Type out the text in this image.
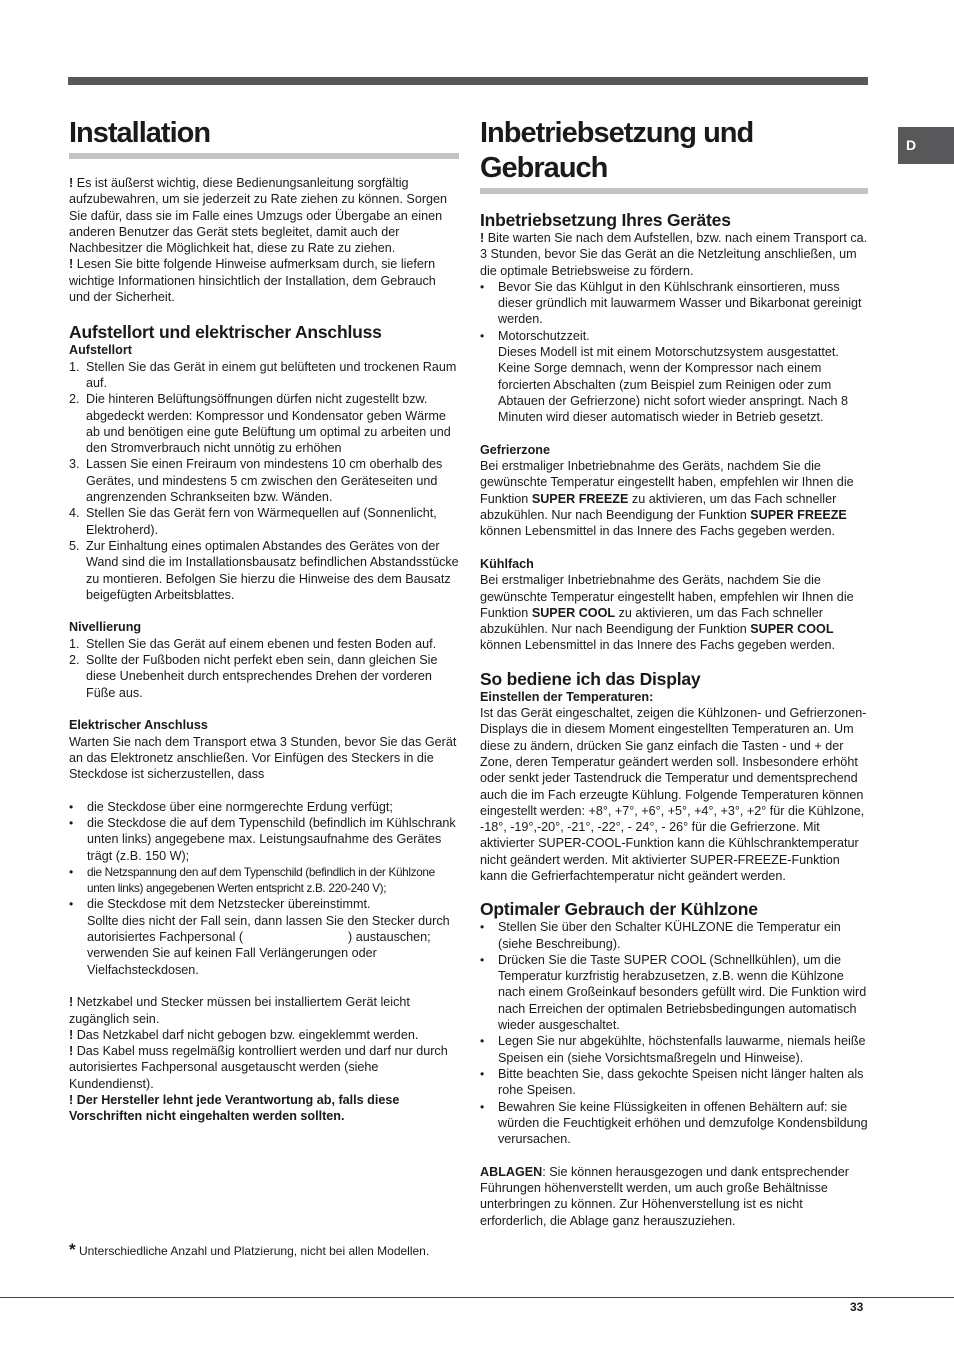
D
Installation

! Es ist äußerst wichtig, diese Bedienungsanleitung sorgfältig aufzubewahren, um sie jederzeit zu Rate ziehen zu können. Sorgen Sie dafür, dass sie im Falle eines Umzugs oder Übergabe an einen anderen Benutzer das Gerät stets begleitet, damit auch der Nachbesitzer die Möglichkeit hat, diese zu Rate zu ziehen.

! Lesen Sie bitte folgende Hinweise aufmerksam durch, sie liefern wichtige Informationen hinsichtlich der Installation, dem Gebrauch und der Sicherheit.

Aufstellort und elektrischer Anschluss
Aufstellort
1. Stellen Sie das Gerät in einem gut belüfteten und trockenen Raum auf.
2. Die hinteren Belüftungsöffnungen dürfen nicht zugestellt bzw. abgedeckt werden: Kompressor und Kondensator geben Wärme ab und benötigen eine gute Belüftung um optimal zu arbeiten und den Stromverbrauch nicht unnötig zu erhöhen
3. Lassen Sie einen Freiraum von mindestens 10 cm oberhalb des Gerätes, und mindestens 5 cm zwischen den Geräteseiten und angrenzenden Schrankseiten bzw. Wänden.
4. Stellen Sie das Gerät fern von Wärmequellen auf (Sonnenlicht, Elektroherd).
5. Zur Einhaltung eines optimalen Abstandes des Gerätes von der Wand sind die im Installationsbausatz befindlichen Abstandsstücke zu montieren. Befolgen Sie hierzu die Hinweise des dem Bausatz beigefügten Arbeitsblattes.
Nivellierung
1. Stellen Sie das Gerät auf einem ebenen und festen Boden auf.
2. Sollte der Fußboden nicht perfekt eben sein, dann gleichen Sie diese Unebenheit durch entsprechendes Drehen der vorderen Füße aus.
Elektrischer Anschluss

Warten Sie nach dem Transport etwa 3 Stunden, bevor Sie das Gerät an das Elektronetz anschließen. Vor Einfügen des Steckers in die Steckdose ist sicherzustellen, dass

•	die Steckdose über eine normgerechte Erdung verfügt;
•	die Steckdose die auf dem Typenschild (befindlich im Kühlschrank unten links) angegebene max. Leistungsaufnahme des Gerätes trägt (z.B. 150 W);
•	die Netzspannung den auf dem Typenschild (befindlich in der Kühlzone unten links) angegebenen Werten entspricht z.B. 220-240 V);
•	die Steckdose mit dem Netzstecker übereinstimmt.

Sollte dies nicht der Fall sein, dann lassen Sie den Stecker durch autorisiertes Fachpersonal (                              ) austauschen; verwenden Sie auf keinen Fall Verlängerungen oder Vielfachsteckdosen.

! Netzkabel und Stecker müssen bei installiertem Gerät leicht zugänglich sein.

! Das Netzkabel darf nicht gebogen bzw. eingeklemmt werden.

! Das Kabel muss regelmäßig kontrolliert werden und darf nur durch autorisiertes Fachpersonal ausgetauscht werden (siehe Kundendienst).

! Der Hersteller lehnt jede Verantwortung ab, falls diese Vorschriften nicht eingehalten werden sollten.

* Unterschiedliche Anzahl und Platzierung, nicht bei allen Modellen.
Inbetriebsetzung und
Gebrauch
Inbetriebsetzung Ihres Gerätes

! Bite warten Sie nach dem Aufstellen, bzw. nach einem Transport ca. 3 Stunden, bevor Sie das Gerät an die Netzleitung anschließen, um die optimale Betriebsweise zu fördern.

•	Bevor Sie das Kühlgut in den Kühlschrank einsortieren, muss dieser gründlich mit lauwarmem Wasser und Bikarbonat gereinigt werden.
•	Motorschutzzeit.

Dieses Modell ist mit einem Motorschutzsystem ausgestattet. Keine Sorge demnach, wenn der Kompressor nach einem forcierten Abschalten (zum Beispiel zum Reinigen oder zum Abtauen der Gefrierzone) nicht sofort wieder anspringt. Nach 8 Minuten wird dieser automatisch wieder in Betrieb gesetzt.

Gefrierzone

Bei erstmaliger Inbetriebnahme des Geräts, nachdem Sie die gewünschte Temperatur eingestellt haben, empfehlen wir Ihnen die Funktion SUPER FREEZE zu aktivieren, um das Fach schneller abzukühlen. Nur nach Beendigung der Funktion SUPER FREEZE können Lebensmittel in das Innere des Fachs gegeben werden.

Kühlfach

Bei erstmaliger Inbetriebnahme des Geräts, nachdem Sie die gewünschte Temperatur eingestellt haben, empfehlen wir Ihnen die Funktion SUPER COOL zu aktivieren, um das Fach schneller abzukühlen. Nur nach Beendigung der Funktion SUPER COOL können Lebensmittel in das Innere des Fachs gegeben werden.

So bediene ich das Display
Einstellen der Temperaturen:

Ist das Gerät eingeschaltet, zeigen die Kühlzonen- und Gefrierzonen-Displays die in diesem Moment eingestellten Temperaturen an. Um diese zu ändern, drücken Sie ganz einfach die Tasten - und + der Zone, deren Temperatur geändert werden soll. Insbesondere erhöht oder senkt jeder Tastendruck die Temperatur und dementsprechend auch die im Fach erzeugte Kühlung. Folgende Temperaturen können eingestellt werden: +8°, +7°, +6°, +5°, +4°, +3°, +2° für die Kühlzone, -18°, -19°,-20°, -21°, -22°, - 24°, - 26° für die Gefrierzone. Mit aktivierter SUPER-COOL-Funktion kann die Kühlschranktemperatur nicht geändert werden. Mit aktivierter SUPER-FREEZE-Funktion kann die Gefrierfachtemperatur nicht geändert werden.

Optimaler Gebrauch der Kühlzone
•	Stellen Sie über den Schalter KÜHLZONE die Temperatur ein (siehe Beschreibung).
•	Drücken Sie die Taste SUPER COOL (Schnellkühlen), um die Temperatur kurzfristig herabzusetzen, z.B. wenn die Kühlzone nach einem Großeinkauf besonders gefüllt wird. Die Funktion wird nach Erreichen der optimalen Betriebsbedingungen automatisch wieder ausgeschaltet.
•	Legen Sie nur abgekühlte, höchstenfalls lauwarme, niemals heiße Speisen ein (siehe Vorsichtsmaßregeln und Hinweise).
•	Bitte beachten Sie, dass gekochte Speisen nicht länger halten als rohe Speisen.
•	Bewahren Sie keine Flüssigkeiten in offenen Behältern auf: sie würden die Feuchtigkeit erhöhen und demzufolge Kondensbildung verursachen.

ABLAGEN: Sie können herausgezogen und dank entsprechender Führungen höhenverstellt werden, um auch große Behältnisse unterbringen zu können. Zur Höhenverstellung ist es nicht erforderlich, die Ablage ganz herauszuziehen.

33
